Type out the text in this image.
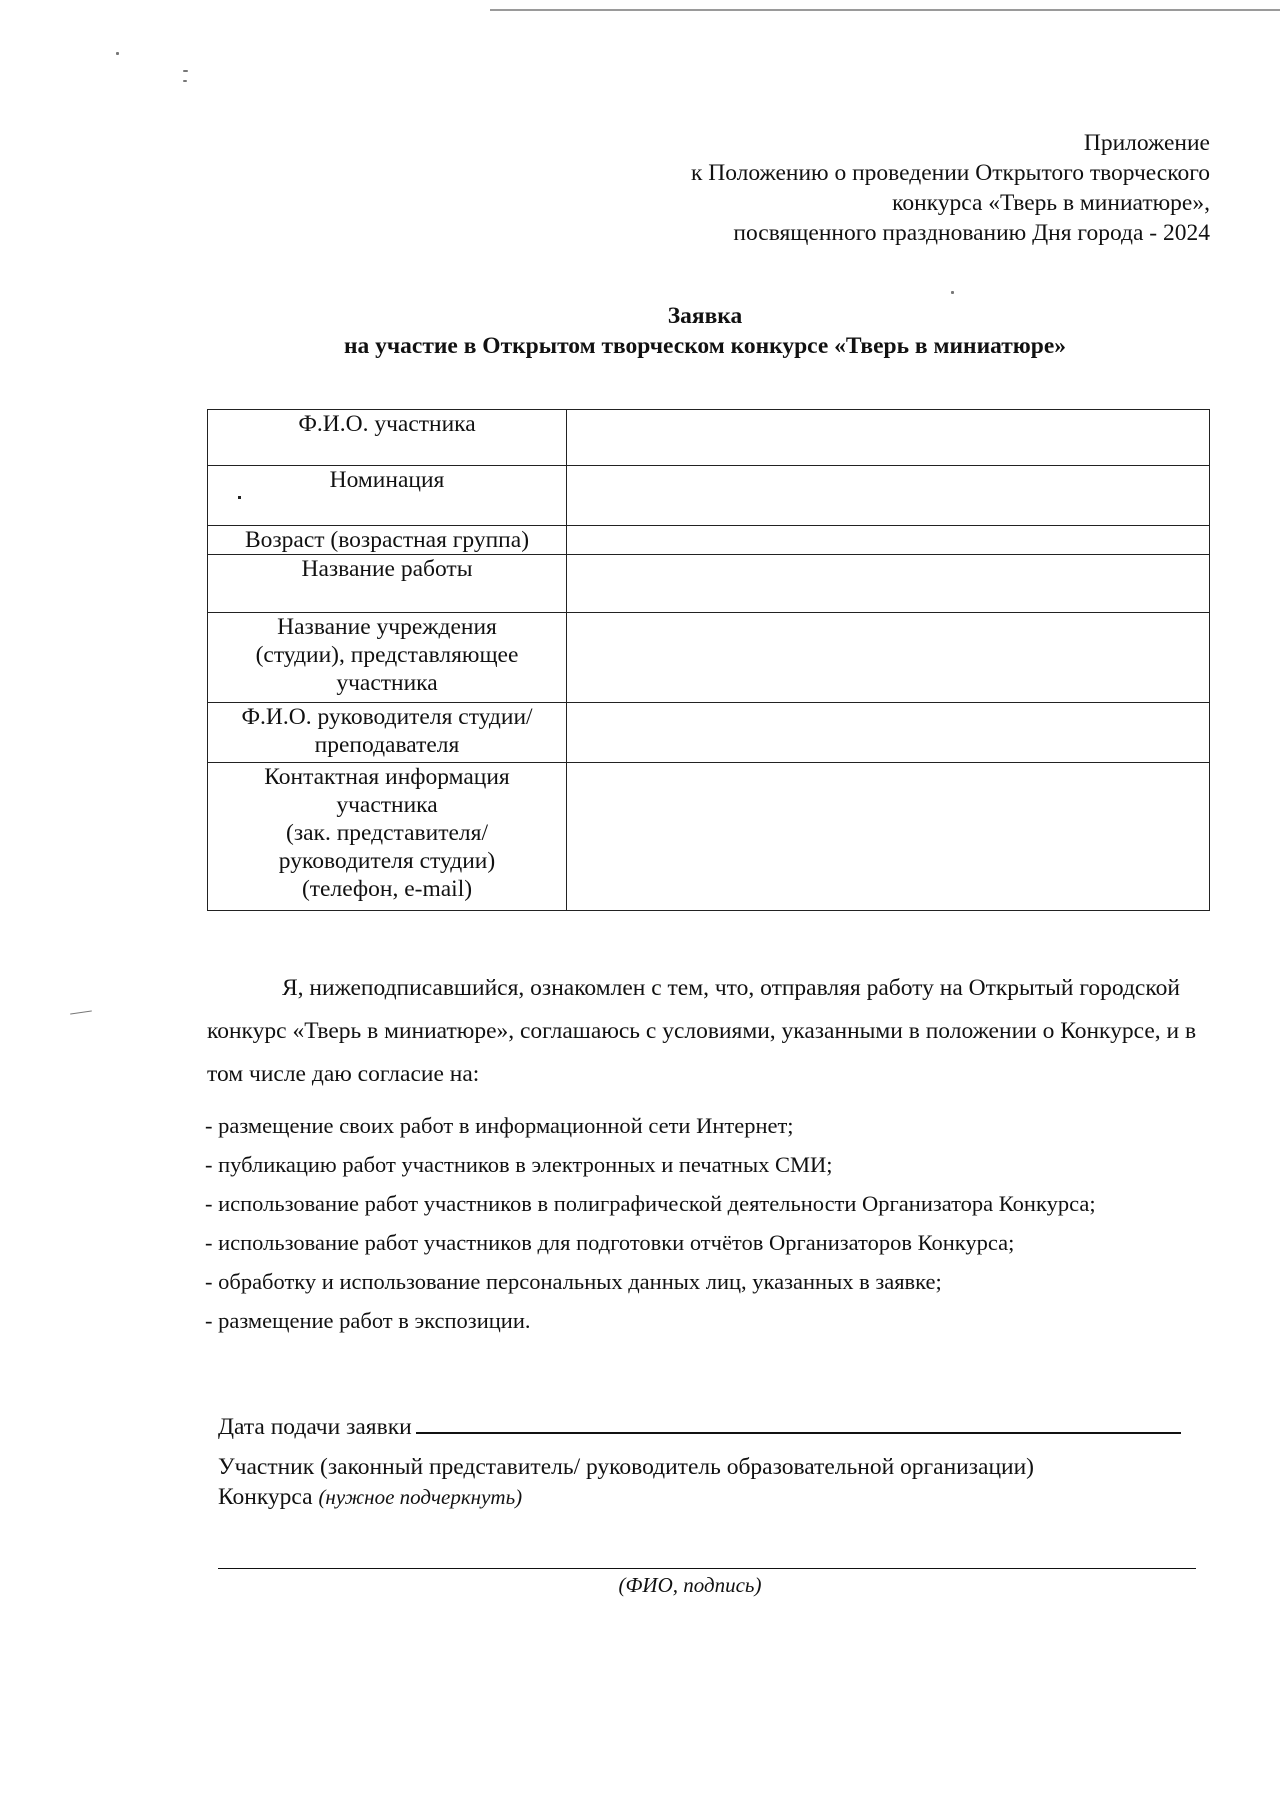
Приложение
к Положению о проведении Открытого творческого
конкурса «Тверь в миниатюре»,
посвященного празднованию Дня города - 2024
Заявка
на участие в Открытом творческом конкурсе «Тверь в миниатюре»
Ф.И.О. участника	

Номинация	

Возраст (возрастная группа)	

Название работы	

Название учреждения
(студии), представляющее
участника	

Ф.И.О. руководителя студии/
преподавателя	

Контактная информация
участника
(зак. представителя/
руководителя студии)
(телефон, e-mail)	

Я, нижеподписавшийся, ознакомлен с тем, что, отправляя работу на Открытый городской конкурс «Тверь в миниатюре», соглашаюсь с условиями, указанными в положении о Конкурсе, и в том числе даю согласие на:

- размещение своих работ в информационной сети Интернет;
- публикацию работ участников в электронных и печатных СМИ;
- использование работ участников в полиграфической деятельности Организатора Конкурса;
- использование работ участников для подготовки отчётов Организаторов Конкурса;
- обработку и использование персональных данных лиц, указанных в заявке;
- размещение работ в экспозиции.
Дата подачи заявки
Участник (законный представитель/ руководитель образовательной организации)
Конкурса (нужное подчеркнуть)
(ФИО, подпись)
